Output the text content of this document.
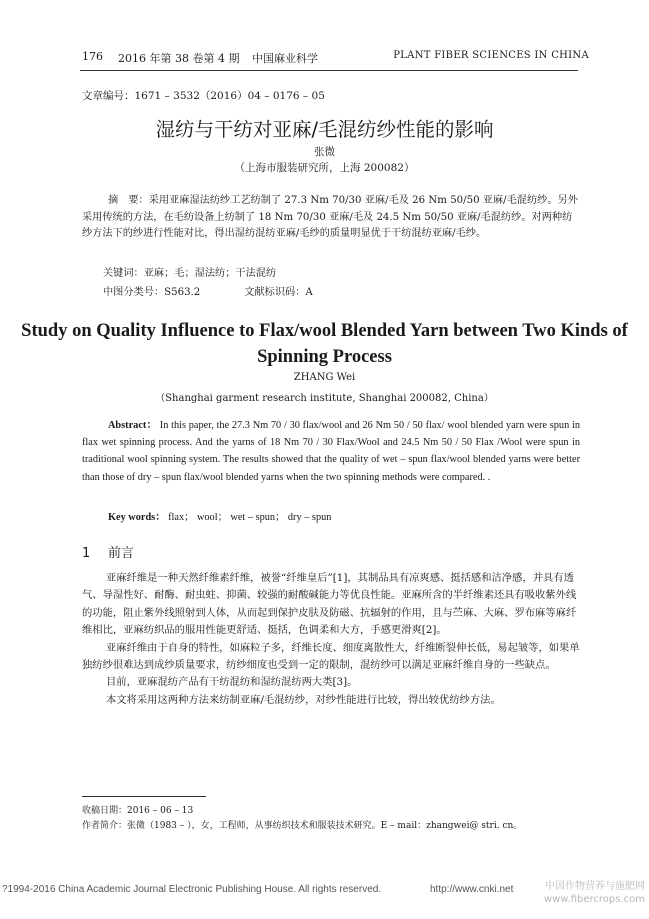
176 2016 年第 38 卷第 4 期 中国麻业科学	PLANT FIBER SCIENCES IN CHINA
文章编号：1671 – 3532（2016）04 – 0176 – 05
湿纺与干纺对亚麻/毛混纺纱性能的影响
张微
（上海市服装研究所，上海 200082）
摘　要：采用亚麻湿法纺纱工艺纺制了 27.3 Nm 70/30 亚麻/毛及 26 Nm 50/50 亚麻/毛混纺纱。另外采用传统的方法，在毛纺设备上纺制了 18 Nm 70/30 亚麻/毛及 24.5 Nm 50/50 亚麻/毛混纺纱。对两种纺纱方法下的纱进行性能对比，得出湿纺混纺亚麻/毛纱的质量明显优于干纺混纺亚麻/毛纱。
关键词：亚麻；毛；湿法纺；干法混纺
中图分类号：S563.2	文献标识码：A
Study on Quality Influence to Flax/wool Blended Yarn between Two Kinds of Spinning Process
ZHANG Wei
（Shanghai garment research institute, Shanghai 200082, China）
Abstract： In this paper, the 27.3 Nm 70 / 30 flax/wool and 26 Nm 50 / 50 flax/ wool blended yarn were spun in flax wet spinning process. And the yarns of 18 Nm 70 / 30 Flax/Wool and 24.5 Nm 50 / 50 Flax /Wool were spun in traditional wool spinning system. The results showed that the quality of wet – spun flax/wool blended yarns were better than those of dry – spun flax/wool blended yarns when the two spinning methods were compared. .
Key words： flax； wool； wet – spun； dry – spun
1 前言

亚麻纤维是一种天然纤维素纤维，被誉“纤维皇后”[1]，其制品具有凉爽感、挺括感和洁净感，并具有透气、导湿性好、耐酶、耐虫蛀、抑菌、较强的耐酸碱能力等优良性能。亚麻所含的半纤维素还具有吸收紫外线的功能，阻止紫外线照射到人体，从而起到保护皮肤及防磁、抗辐射的作用，且与苎麻、大麻、罗布麻等麻纤维相比，亚麻纺织品的服用性能更舒适、挺括，色调柔和大方，手感更滑爽[2]。

亚麻纤维由于自身的特性，如麻粒子多，纤维长度、细度离散性大，纤维断裂伸长低，易起皱等，如果单独纺纱很难达到成纱质量要求，纺纱细度也受到一定的限制，混纺纱可以满足亚麻纤维自身的一些缺点。

目前，亚麻混纺产品有干纺混纺和湿纺混纺两大类[3]。

本文将采用这两种方法来纺制亚麻/毛混纺纱，对纱性能进行比较，得出较优纺纱方法。

收稿日期：2016 – 06 – 13
作者简介：张微（1983 – ），女，工程师，从事纺织技术和服装技术研究。E – mail：zhangwei@ stri. cn。
?1994-2016 China Academic Journal Electronic Publishing House. All rights reserved.	http://www.cnki.net	中国作物营养与施肥网
www.fibercrops.com
